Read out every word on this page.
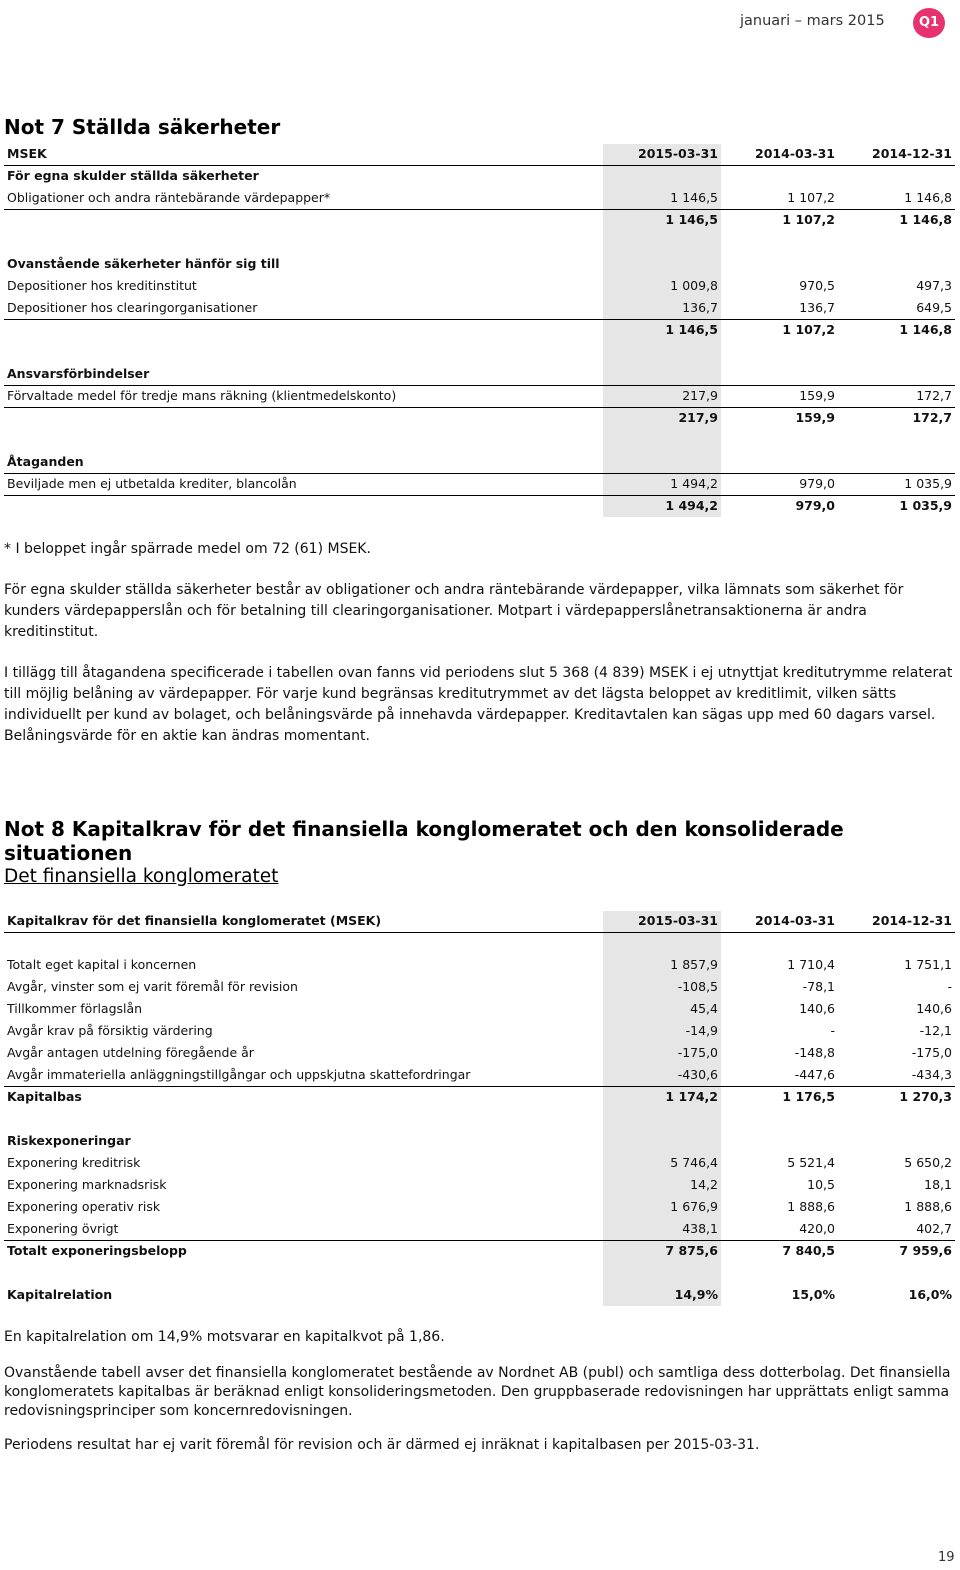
januari – mars 2015	Q1
Not 7 Ställda säkerheter
MSEK	2015-03-31	2014-03-31	2014-12-31
För egna skulder ställda säkerheter
Obligationer och andra räntebärande värdepapper*	1 146,5	1 107,2	1 146,8
1 146,5	1 107,2	1 146,8
Ovanstående säkerheter hänför sig till
Depositioner hos kreditinstitut	1 009,8	970,5	497,3
Depositioner hos clearingorganisationer	136,7	136,7	649,5
1 146,5	1 107,2	1 146,8
Ansvarsförbindelser
Förvaltade medel för tredje mans räkning (klientmedelskonto)	217,9	159,9	172,7
217,9	159,9	172,7
Åtaganden
Beviljade men ej utbetalda krediter, blancolån	1 494,2	979,0	1 035,9
1 494,2	979,0	1 035,9

* I beloppet ingår spärrade medel om 72 (61) MSEK.

För egna skulder ställda säkerheter består av obligationer och andra räntebärande värdepapper, vilka lämnats som säkerhet för kunders värdepapperslån och för betalning till clearingorganisationer. Motpart i värdepapperslånetransaktionerna är andra kreditinstitut.

I tillägg till åtagandena specificerade i tabellen ovan fanns vid periodens slut 5 368 (4 839) MSEK i ej utnyttjat kreditutrymme relaterat till möjlig belåning av värdepapper. För varje kund begränsas kreditutrymmet av det lägsta beloppet av kreditlimit, vilken sätts individuellt per kund av bolaget, och belåningsvärde på innehavda värdepapper. Kreditavtalen kan sägas upp med 60 dagars varsel. Belåningsvärde för en aktie kan ändras momentant.

Not 8 Kapitalkrav för det finansiella konglomeratet och den konsoliderade situationen
Det finansiella konglomeratet
Kapitalkrav för det finansiella konglomeratet (MSEK)	2015-03-31	2014-03-31	2014-12-31
Totalt eget kapital i koncernen	1 857,9	1 710,4	1 751,1
Avgår, vinster som ej varit föremål för revision	-108,5	-78,1	-
Tillkommer förlagslån	45,4	140,6	140,6
Avgår krav på försiktig värdering	-14,9	-	-12,1
Avgår antagen utdelning föregående år	-175,0	-148,8	-175,0
Avgår immateriella anläggningstillgångar och uppskjutna skattefordringar	-430,6	-447,6	-434,3
Kapitalbas	1 174,2	1 176,5	1 270,3
Riskexponeringar
Exponering kreditrisk	5 746,4	5 521,4	5 650,2
Exponering marknadsrisk	14,2	10,5	18,1
Exponering operativ risk	1 676,9	1 888,6	1 888,6
Exponering övrigt	438,1	420,0	402,7
Totalt exponeringsbelopp	7 875,6	7 840,5	7 959,6
Kapitalrelation	14,9%	15,0%	16,0%

En kapitalrelation om 14,9% motsvarar en kapitalkvot på 1,86.

Ovanstående tabell avser det finansiella konglomeratet bestående av Nordnet AB (publ) och samtliga dess dotterbolag. Det finansiella konglomeratets kapitalbas är beräknad enligt konsolideringsmetoden. Den gruppbaserade redovisningen har upprättats enligt samma redovisningsprinciper som koncernredovisningen.

Periodens resultat har ej varit föremål för revision och är därmed ej inräknat i kapitalbasen per 2015-03-31.

19
